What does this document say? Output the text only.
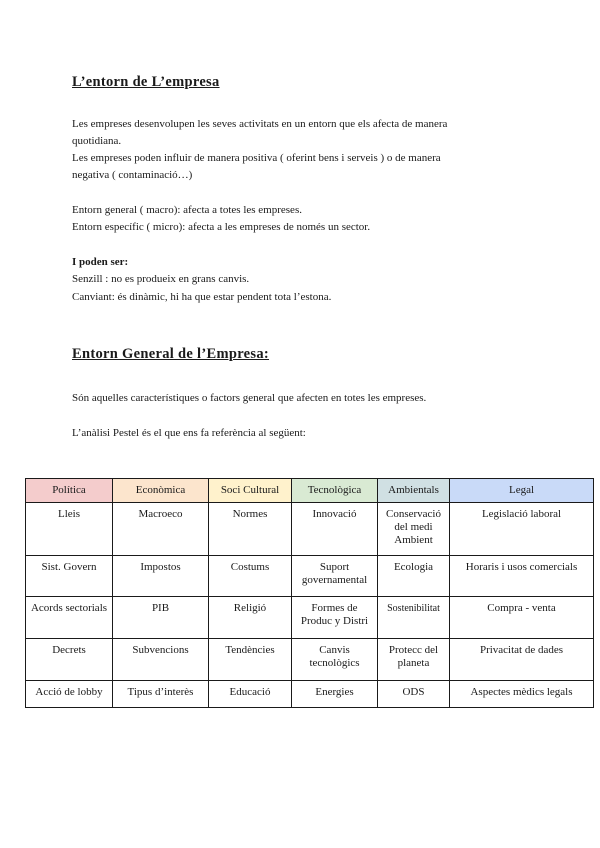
L’entorn de L’empresa
Les empreses desenvolupen les seves activitats en un entorn que els afecta de manera
quotidiana.
Les empreses poden influir de manera positiva ( oferint bens i serveis ) o de manera
negativa ( contaminació…)
Entorn general ( macro): afecta a totes les empreses.
Entorn específic ( micro): afecta a les empreses de només un sector.
I poden ser:
Senzill : no es produeix en grans canvis.
Canviant: és dinàmic, hi ha que estar pendent tota l’estona.
Entorn General de l’Empresa:
Són aquelles característiques o factors general que afecten en totes les empreses.
L’anàlisi Pestel és el que ens fa referència al següent:
Política	Econòmica	Soci Cultural	Tecnològica	Ambientals	Legal
Lleis	Macroeco	Normes	Innovació	Conservació del medi Ambient	Legislació laboral
Sist. Govern	Impostos	Costums	Suport governamental	Ecologia	Horaris i usos comercials
Acords sectorials	PIB	Religió	Formes de Produc y Distri	Sostenibilitat	Compra - venta
Decrets	Subvencions	Tendències	Canvis tecnològics	Protecc del planeta	Privacitat de dades
Acció de lobby	Tipus d’interès	Educació	Energies	ODS	Aspectes mèdics legals
